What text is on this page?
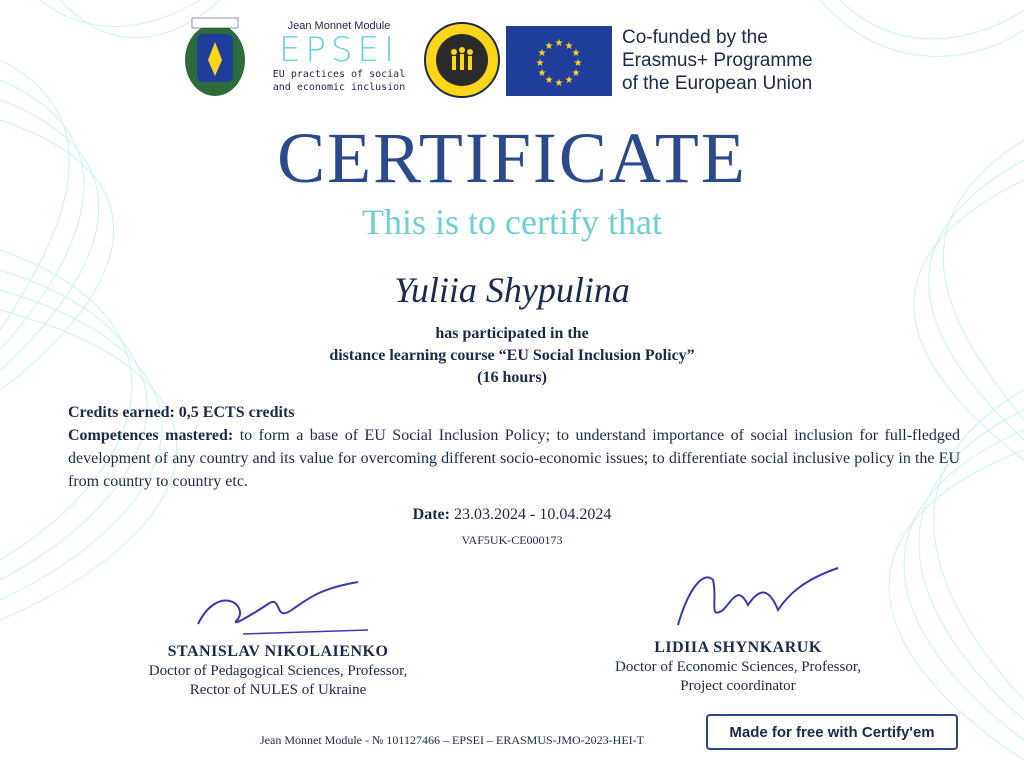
Jean Monnet Module
EPSEI
EU practices of social
and economic inclusion
★ ★
★
★
★
★
★
★
★
★
★
★	Co-funded by the
Erasmus+ Programme
of the European Union
CERTIFICATE
This is to certify that
Yuliia Shypulina
has participated in the
distance learning course “EU Social Inclusion Policy”
(16 hours)
Credits earned: 0,5 ECTS credits
Competences mastered: to form a base of EU Social Inclusion Policy; to understand importance of social inclusion for full-fledged development of any country and its value for overcoming different socio-economic issues; to differentiate social inclusive policy in the EU from country to country etc.
Date: 23.03.2024 - 10.04.2024
VAF5UK-CE000173
STANISLAV NIKOLAIENKO
Doctor of Pedagogical Sciences, Professor,
Rector of NULES of Ukraine
LIDIIA SHYNKARUK
Doctor of Economic Sciences, Professor,
Project coordinator
Jean Monnet Module - № 101127466 – EPSEI – ERASMUS-JMO-2023-HEI-T	Made for free with Certify'em
